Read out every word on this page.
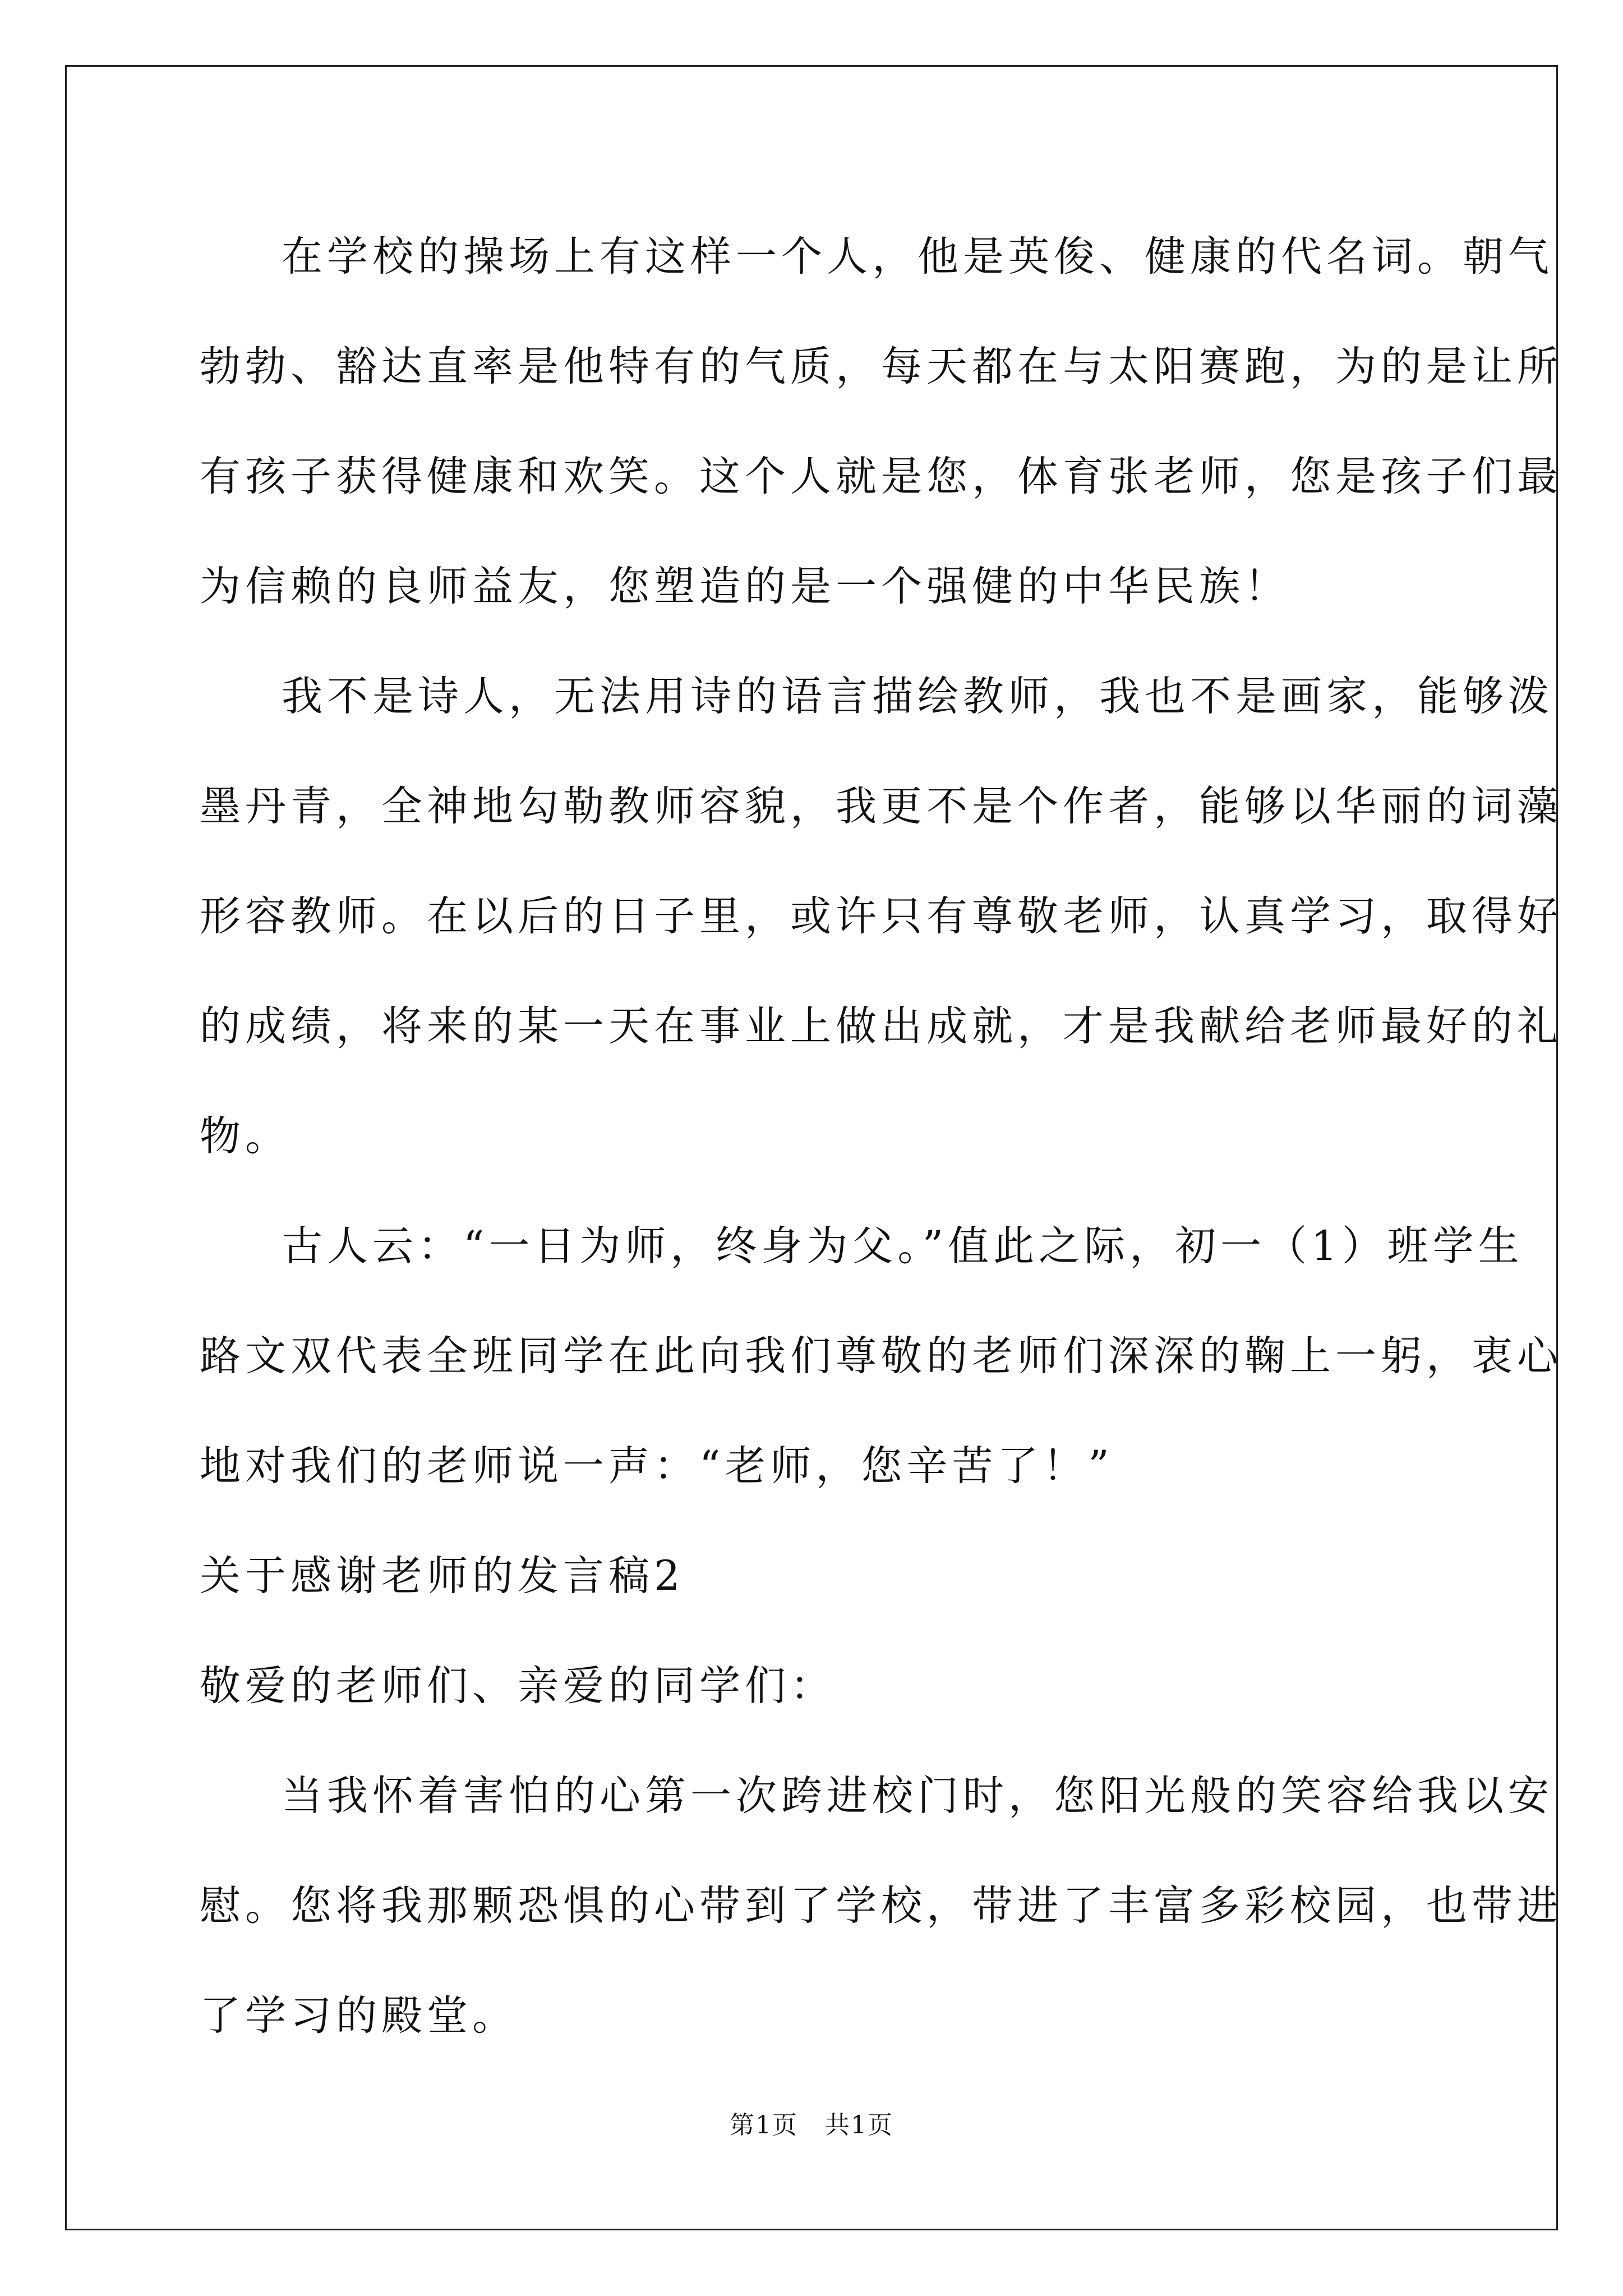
在学校的操场上有这样一个人，他是英俊、健康的代名词。朝气
勃勃、豁达直率是他特有的气质，每天都在与太阳赛跑，为的是让所
有孩子获得健康和欢笑。这个人就是您，体育张老师，您是孩子们最
为信赖的良师益友，您塑造的是一个强健的中华民族！
我不是诗人，无法用诗的语言描绘教师，我也不是画家，能够泼
墨丹青，全神地勾勒教师容貌，我更不是个作者，能够以华丽的词藻
形容教师。在以后的日子里，或许只有尊敬老师，认真学习，取得好
的成绩，将来的某一天在事业上做出成就，才是我献给老师最好的礼
物。
古人云：“一日为师，终身为父。”值此之际，初一（1）班学生
路文双代表全班同学在此向我们尊敬的老师们深深的鞠上一躬，衷心
地对我们的老师说一声：“老师，您辛苦了！”
关于感谢老师的发言稿2
敬爱的老师们、亲爱的同学们：
当我怀着害怕的心第一次跨进校门时，您阳光般的笑容给我以安
慰。您将我那颗恐惧的心带到了学校，带进了丰富多彩校园，也带进
了学习的殿堂。
第1页   共1页
